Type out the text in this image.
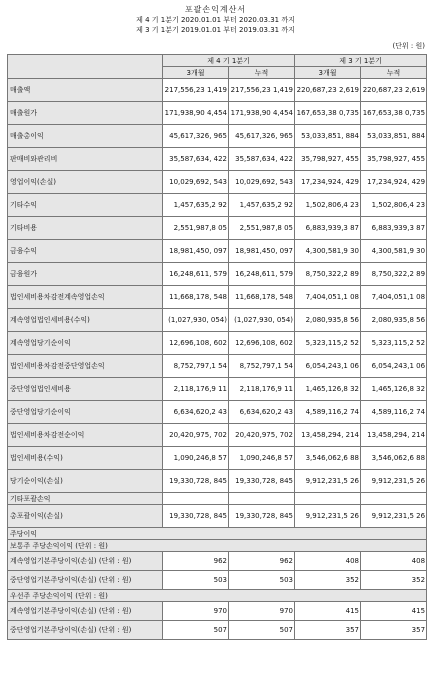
포괄손익계산서
제 4 기 1분기 2020.01.01 부터 2020.03.31 까지
제 3 기 1분기 2019.01.01 부터 2019.03.31 까지
(단위 : 원)
	제 4 기 1분기		제 3 기 1분기	
	3개월	누적	3개월	누적
매출액	217,556,23 1,419	217,556,23 1,419	220,687,23 2,619	220,687,23 2,619
매출원가	171,938,90 4,454	171,938,90 4,454	167,653,38 0,735	167,653,38 0,735
매출총이익	45,617,326, 965	45,617,326, 965	53,033,851, 884	53,033,851, 884
판매비와관리비	35,587,634, 422	35,587,634, 422	35,798,927, 455	35,798,927, 455
영업이익(손실)	10,029,692, 543	10,029,692, 543	17,234,924, 429	17,234,924, 429
기타수익	1,457,635,2 92	1,457,635,2 92	1,502,806,4 23	1,502,806,4 23
기타비용	2,551,987,8 05	2,551,987,8 05	6,883,939,3 87	6,883,939,3 87
금융수익	18,981,450, 097	18,981,450, 097	4,300,581,9 30	4,300,581,9 30
금융원가	16,248,611, 579	16,248,611, 579	8,750,322,2 89	8,750,322,2 89
법인세비용차감전계속영업손익	11,668,178, 548	11,668,178, 548	7,404,051,1 08	7,404,051,1 08
계속영업법인세비용(수익)	(1,027,930, 054)	(1,027,930, 054)	2,080,935,8 56	2,080,935,8 56
계속영업당기순이익	12,696,108, 602	12,696,108, 602	5,323,115,2 52	5,323,115,2 52
법인세비용차감전중단영업손익	8,752,797,1 54	8,752,797,1 54	6,054,243,1 06	6,054,243,1 06
중단영업법인세비용	2,118,176,9 11	2,118,176,9 11	1,465,126,8 32	1,465,126,8 32
중단영업당기순이익	6,634,620,2 43	6,634,620,2 43	4,589,116,2 74	4,589,116,2 74
법인세비용차감전순이익	20,420,975, 702	20,420,975, 702	13,458,294, 214	13,458,294, 214
법인세비용(수익)	1,090,246,8 57	1,090,246,8 57	3,546,062,6 88	3,546,062,6 88
당기순이익(손실)	19,330,728, 845	19,330,728, 845	9,912,231,5 26	9,912,231,5 26
기타포괄손익				
총포괄이익(손실)	19,330,728, 845	19,330,728, 845	9,912,231,5 26	9,912,231,5 26
주당이익				
보통주 주당손익이익 (단위 : 원)				
계속영업기본주당이익(손실) (단위 : 원)	962	962	408	408
중단영업기본주당이익(손실) (단위 : 원)	503	503	352	352
우선주 주당손익이익 (단위 : 원)				
계속영업기본주당이익(손실) (단위 : 원)	970	970	415	415
중단영업기본주당이익(손실) (단위 : 원)	507	507	357	357
